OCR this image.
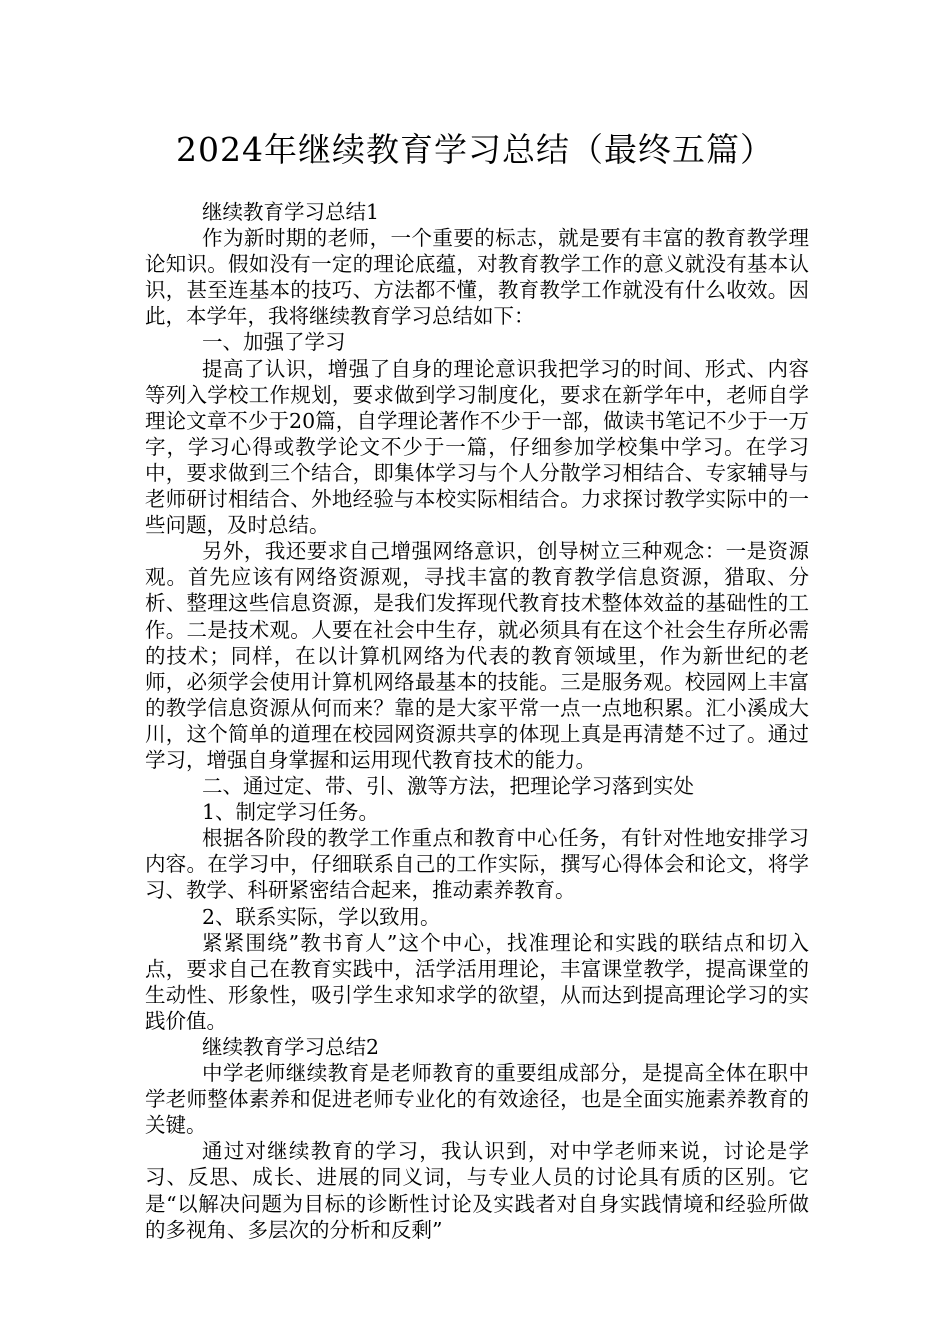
2024年继续教育学习总结（最终五篇）

继续教育学习总结1

作为新时期的老师，一个重要的标志，就是要有丰富的教育教学理论知识。假如没有一定的理论底蕴，对教育教学工作的意义就没有基本认识，甚至连基本的技巧、方法都不懂，教育教学工作就没有什么收效。因此，本学年，我将继续教育学习总结如下：

一、加强了学习

提高了认识，增强了自身的理论意识我把学习的时间、形式、内容等列入学校工作规划，要求做到学习制度化，要求在新学年中，老师自学理论文章不少于20篇，自学理论著作不少于一部，做读书笔记不少于一万字，学习心得或教学论文不少于一篇，仔细参加学校集中学习。在学习中，要求做到三个结合，即集体学习与个人分散学习相结合、专家辅导与老师研讨相结合、外地经验与本校实际相结合。力求探讨教学实际中的一些问题，及时总结。

另外，我还要求自己增强网络意识，创导树立三种观念：一是资源观。首先应该有网络资源观，寻找丰富的教育教学信息资源，猎取、分析、整理这些信息资源，是我们发挥现代教育技术整体效益的基础性的工作。二是技术观。人要在社会中生存，就必须具有在这个社会生存所必需的技术；同样，在以计算机网络为代表的教育领域里，作为新世纪的老师，必须学会使用计算机网络最基本的技能。三是服务观。校园网上丰富的教学信息资源从何而来？靠的是大家平常一点一点地积累。汇小溪成大川，这个简单的道理在校园网资源共享的体现上真是再清楚不过了。通过学习，增强自身掌握和运用现代教育技术的能力。

二、通过定、带、引、激等方法，把理论学习落到实处

1、制定学习任务。

根据各阶段的教学工作重点和教育中心任务，有针对性地安排学习内容。在学习中，仔细联系自己的工作实际，撰写心得体会和论文，将学习、教学、科研紧密结合起来，推动素养教育。

2、联系实际，学以致用。

紧紧围绕”教书育人”这个中心，找准理论和实践的联结点和切入点，要求自己在教育实践中，活学活用理论，丰富课堂教学，提高课堂的生动性、形象性，吸引学生求知求学的欲望，从而达到提高理论学习的实践价值。

继续教育学习总结2

中学老师继续教育是老师教育的重要组成部分，是提高全体在职中学老师整体素养和促进老师专业化的有效途径，也是全面实施素养教育的关键。

通过对继续教育的学习，我认识到，对中学老师来说，讨论是学习、反思、成长、进展的同义词，与专业人员的讨论具有质的区别。它是“以解决问题为目标的诊断性讨论及实践者对自身实践情境和经验所做的多视角、多层次的分析和反剩”
